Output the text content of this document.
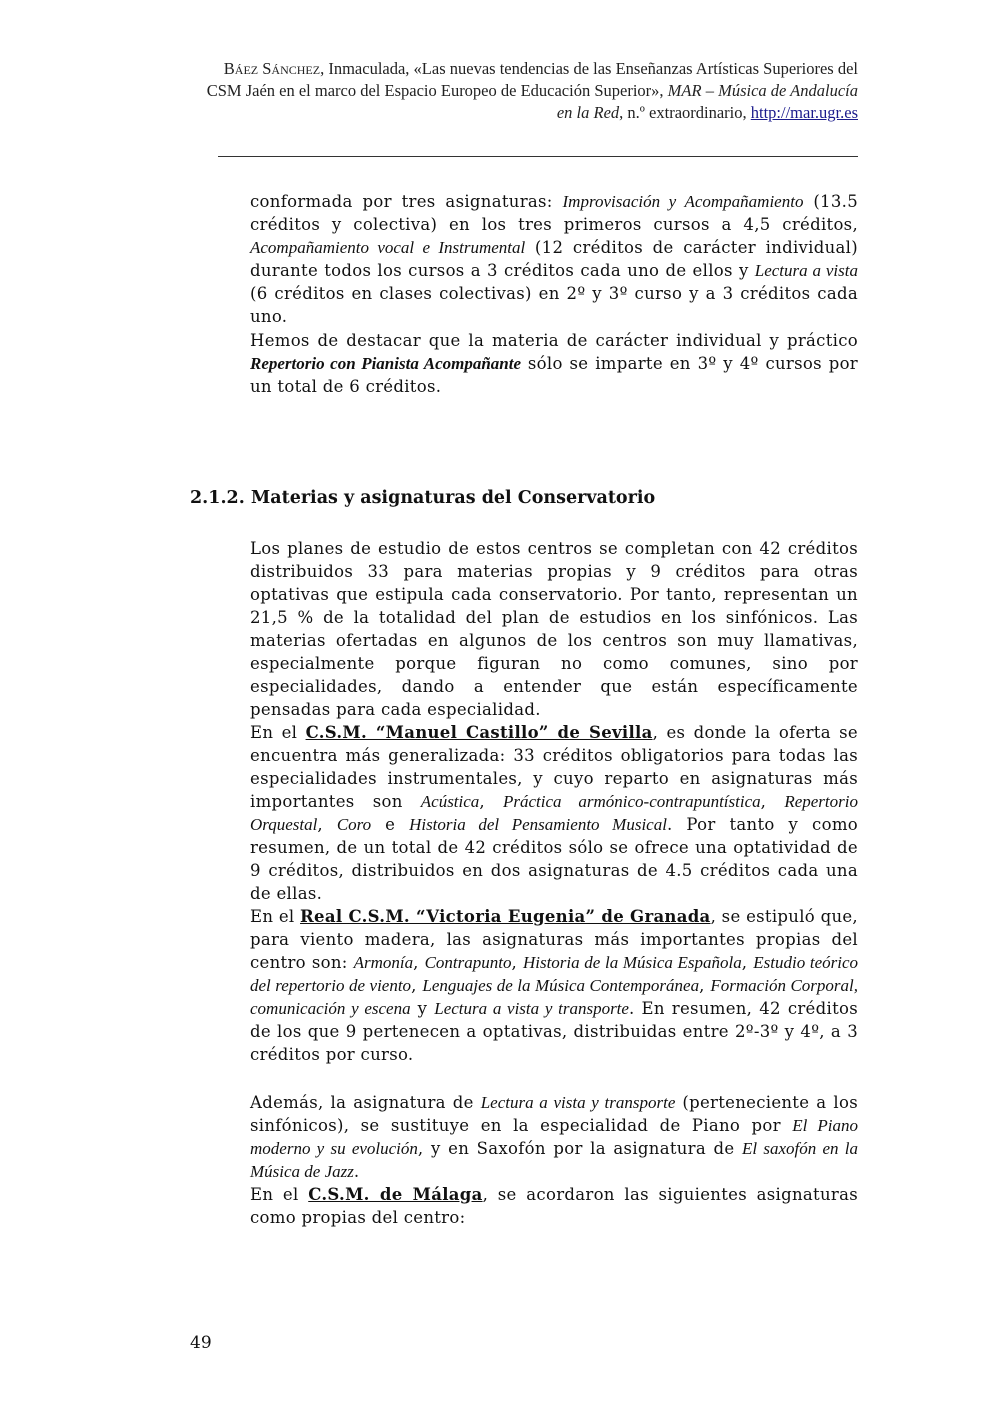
Báez Sánchez, Inmaculada, «Las nuevas tendencias de las Enseñanzas Artísticas Superiores del
CSM Jaén en el marco del Espacio Europeo de Educación Superior», MAR – Música de Andalucía en la Red, n.º extraordinario, http://mar.ugr.es

conformada por tres asignaturas: Improvisación y Acompañamiento (13.5 créditos y colectiva) en los tres primeros cursos a 4,5 créditos, Acompañamiento vocal e Instrumental (12 créditos de carácter individual) durante todos los cursos a 3 créditos cada uno de ellos y Lectura a vista (6 créditos en clases colectivas) en 2º y 3º curso y a 3 créditos cada uno.

Hemos de destacar que la materia de carácter individual y práctico Repertorio con Pianista Acompañante sólo se imparte en 3º y 4º cursos por un total de 6 créditos.

2.1.2. Materias y asignaturas del Conservatorio

Los planes de estudio de estos centros se completan con 42 créditos distribuidos 33 para materias propias y 9 créditos para otras optativas que estipula cada conservatorio. Por tanto, representan un 21,5 % de la totalidad del plan de estudios en los sinfónicos. Las materias ofertadas en algunos de los centros son muy llamativas, especialmente porque figuran no como comunes, sino por especialidades, dando a entender que están específicamente pensadas para cada especialidad.

En el C.S.M. “Manuel Castillo” de Sevilla, es donde la oferta se encuentra más generalizada: 33 créditos obligatorios para todas las especialidades instrumentales, y cuyo reparto en asignaturas más importantes son Acústica, Práctica armónico-contrapuntística, Repertorio Orquestal, Coro e Historia del Pensamiento Musical. Por tanto y como resumen, de un total de 42 créditos sólo se ofrece una optatividad de 9 créditos, distribuidos en dos asignaturas de 4.5 créditos cada una de ellas.

En el Real C.S.M. “Victoria Eugenia” de Granada, se estipuló que, para viento madera, las asignaturas más importantes propias del centro son: Armonía, Contrapunto, Historia de la Música Española, Estudio teórico del repertorio de viento, Lenguajes de la Música Contemporánea, Formación Corporal, comunicación y escena y Lectura a vista y transporte. En resumen, 42 créditos de los que 9 pertenecen a optativas, distribuidas entre 2º-3º y 4º, a 3 créditos por curso.

Además, la asignatura de Lectura a vista y transporte (perteneciente a los sinfónicos), se sustituye en la especialidad de Piano por El Piano moderno y su evolución, y en Saxofón por la asignatura de El saxofón en la Música de Jazz.

En el C.S.M. de Málaga, se acordaron las siguientes asignaturas como propias del centro:

49
